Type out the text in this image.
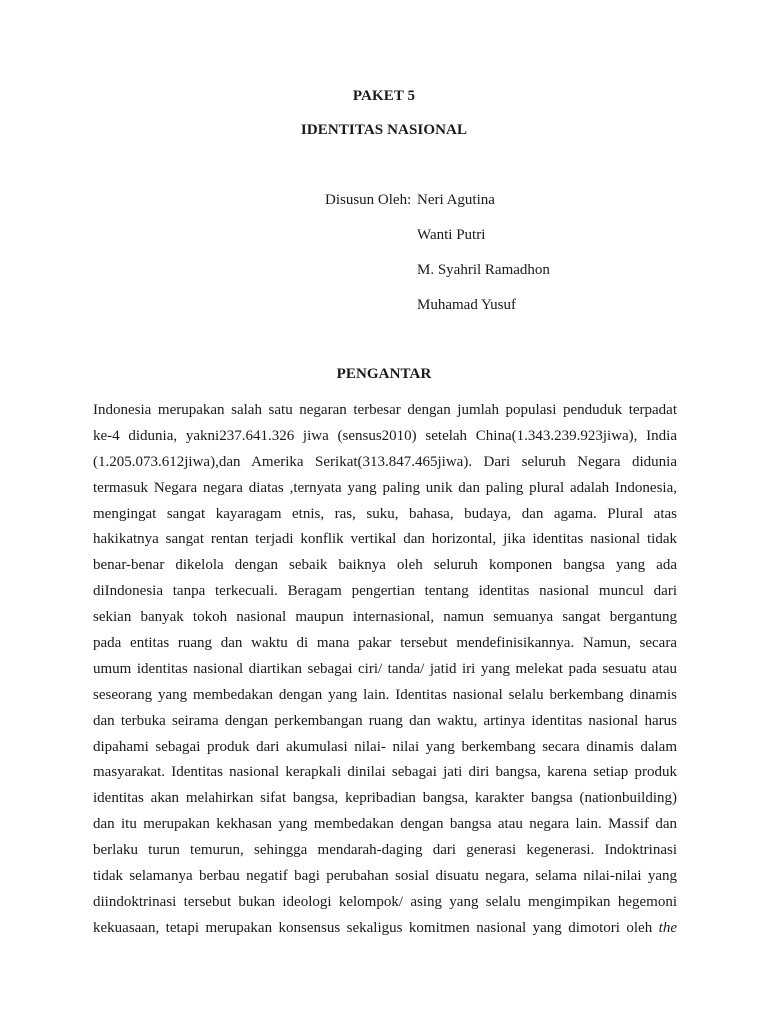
PAKET 5
IDENTITAS NASIONAL
Disusun Oleh: Neri Agutina
Wanti Putri
M. Syahril Ramadhon
Muhamad Yusuf
PENGANTAR
Indonesia merupakan salah satu negaran terbesar dengan jumlah populasi penduduk terpadat
ke-4 didunia, yakni237.641.326 jiwa (sensus2010) setelah China(1.343.239.923jiwa), India
(1.205.073.612jiwa),dan Amerika Serikat(313.847.465jiwa). Dari seluruh Negara didunia
termasuk Negara negara diatas ,ternyata yang paling unik dan paling plural adalah Indonesia,
mengingat sangat kayaragam etnis, ras, suku, bahasa, budaya, dan agama. Plural atas
hakikatnya sangat rentan terjadi konflik vertikal dan horizontal, jika identitas nasional tidak
benar-benar dikelola dengan sebaik baiknya oleh seluruh komponen bangsa yang ada
diIndonesia tanpa terkecuali. Beragam pengertian tentang identitas nasional muncul dari
sekian banyak tokoh nasional maupun internasional, namun semuanya sangat bergantung
pada entitas ruang dan waktu di mana pakar tersebut mendefinisikannya. Namun, secara
umum identitas nasional diartikan sebagai ciri/ tanda/ jatid iri yang melekat pada sesuatu atau
seseorang yang membedakan dengan yang lain. Identitas nasional selalu berkembang dinamis
dan terbuka seirama dengan perkembangan ruang dan waktu, artinya identitas nasional harus
dipahami sebagai produk dari akumulasi nilai- nilai yang berkembang secara dinamis dalam
masyarakat. Identitas nasional kerapkali dinilai sebagai jati diri bangsa, karena setiap produk
identitas akan melahirkan sifat bangsa, kepribadian bangsa, karakter bangsa (nationbuilding)
dan itu merupakan kekhasan yang membedakan dengan bangsa atau negara lain. Massif dan
berlaku turun temurun, sehingga mendarah-daging dari generasi kegenerasi. Indoktrinasi
tidak selamanya berbau negatif bagi perubahan sosial disuatu negara, selama nilai-nilai yang
diindoktrinasi tersebut bukan ideologi kelompok/ asing yang selalu mengimpikan hegemoni
kekuasaan, tetapi merupakan konsensus sekaligus komitmen nasional yang dimotori oleh the
